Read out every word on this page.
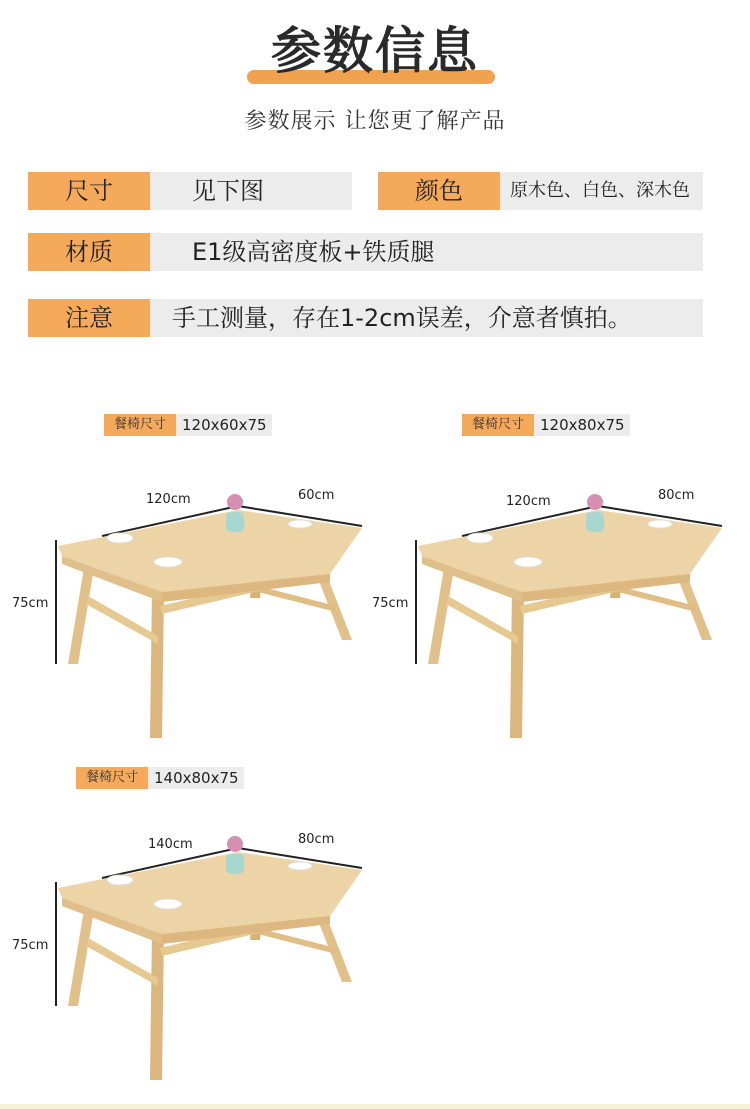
参数信息
参数展示 让您更了解产品
尺寸	见下图	颜色	原木色、白色、深木色
材质	E1级高密度板+铁质腿
注意	手工测量，存在1-2cm误差，介意者慎拍。
餐椅尺寸	120x60x75	餐椅尺寸	120x80x75
餐椅尺寸	140x80x75
120cm	60cm
75cm
120cm	80cm
75cm
140cm	80cm
75cm
